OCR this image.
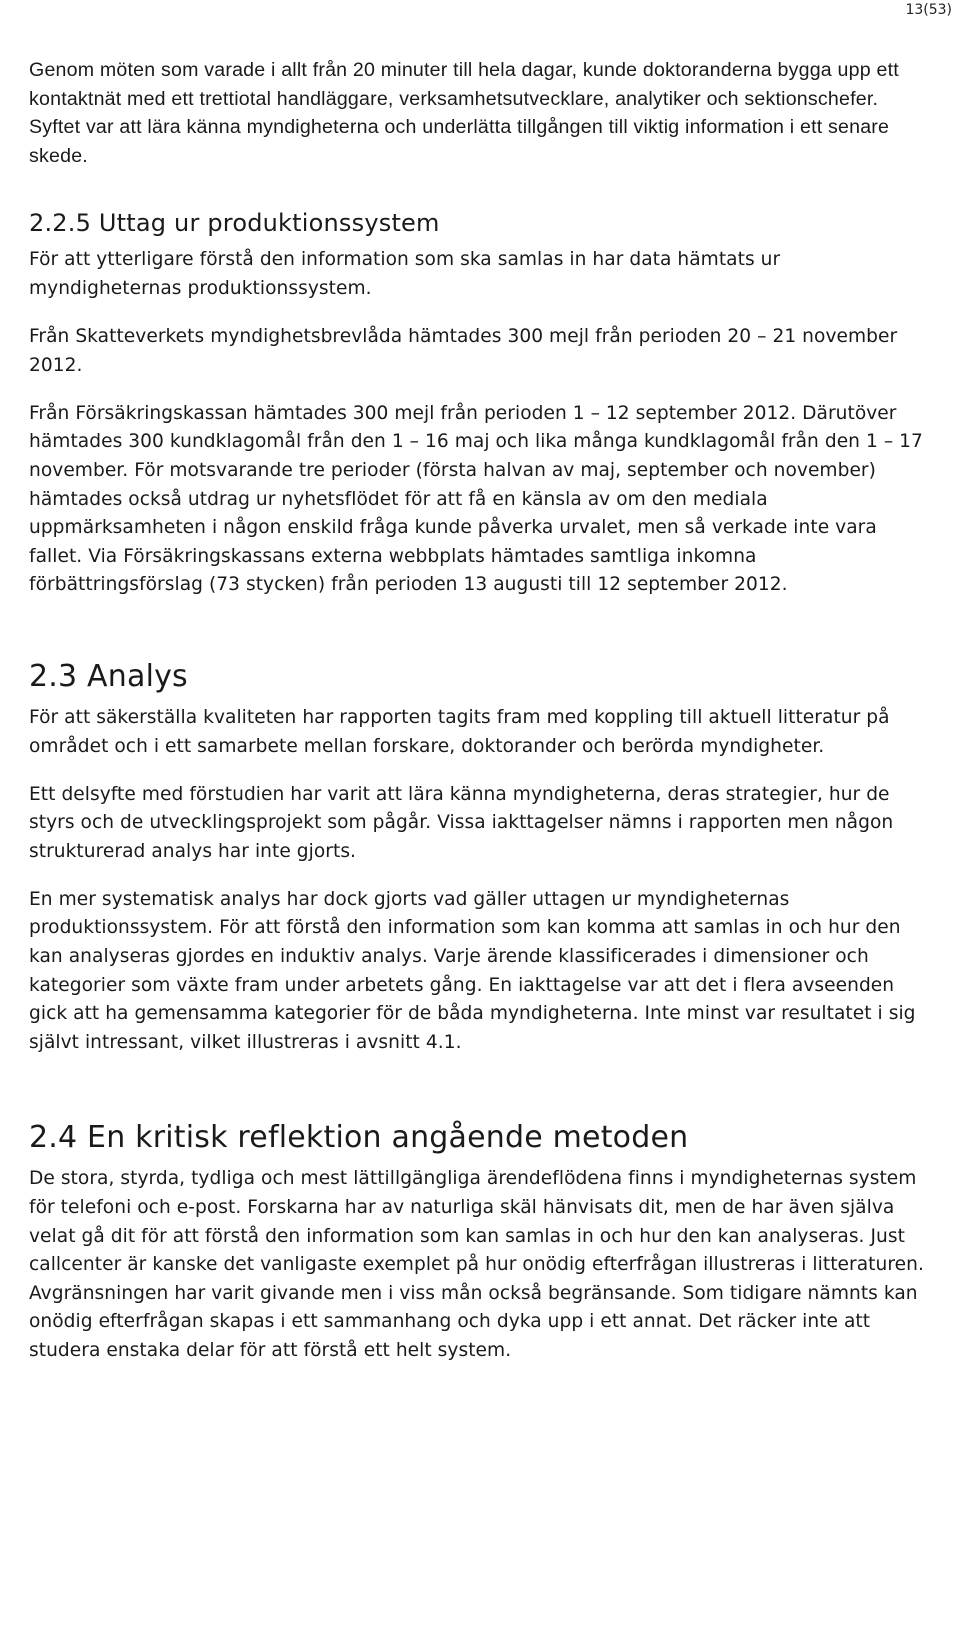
13(53)

Genom möten som varade i allt från 20 minuter till hela dagar, kunde doktoranderna bygga upp ett kontaktnät med ett trettiotal handläggare, verksamhetsutvecklare, analytiker och sektionschefer. Syftet var att lära känna myndigheterna och underlätta tillgången till viktig information i ett senare skede.

2.2.5 Uttag ur produktionssystem

För att ytterligare förstå den information som ska samlas in har data hämtats ur myndigheternas produktionssystem.

Från Skatteverkets myndighetsbrevlåda hämtades 300 mejl från perioden 20 – 21 november 2012.

Från Försäkringskassan hämtades 300 mejl från perioden 1 – 12 september 2012. Därutöver hämtades 300 kundklagomål från den 1 – 16 maj och lika många kundklagomål från den 1 – 17 november. För motsvarande tre perioder (första halvan av maj, september och november) hämtades också utdrag ur nyhetsflödet för att få en känsla av om den mediala uppmärksamheten i någon enskild fråga kunde påverka urvalet, men så verkade inte vara fallet. Via Försäkringskassans externa webbplats hämtades samtliga inkomna förbättringsförslag (73 stycken) från perioden 13 augusti till 12 september 2012.

2.3 Analys

För att säkerställa kvaliteten har rapporten tagits fram med koppling till aktuell litteratur på området och i ett samarbete mellan forskare, doktorander och berörda myndigheter.

Ett delsyfte med förstudien har varit att lära känna myndigheterna, deras strategier, hur de styrs och de utvecklingsprojekt som pågår. Vissa iakttagelser nämns i rapporten men någon strukturerad analys har inte gjorts.

En mer systematisk analys har dock gjorts vad gäller uttagen ur myndigheternas produktionssystem. För att förstå den information som kan komma att samlas in och hur den kan analyseras gjordes en induktiv analys. Varje ärende klassificerades i dimensioner och kategorier som växte fram under arbetets gång. En iakttagelse var att det i flera avseenden gick att ha gemensamma kategorier för de båda myndigheterna. Inte minst var resultatet i sig självt intressant, vilket illustreras i avsnitt 4.1.

2.4 En kritisk reflektion angående metoden

De stora, styrda, tydliga och mest lättillgängliga ärendeflödena finns i myndigheternas system för telefoni och e-post. Forskarna har av naturliga skäl hänvisats dit, men de har även själva velat gå dit för att förstå den information som kan samlas in och hur den kan analyseras. Just callcenter är kanske det vanligaste exemplet på hur onödig efterfrågan illustreras i litteraturen. Avgränsningen har varit givande men i viss mån också begränsande. Som tidigare nämnts kan onödig efterfrågan skapas i ett sammanhang och dyka upp i ett annat. Det räcker inte att studera enstaka delar för att förstå ett helt system.
